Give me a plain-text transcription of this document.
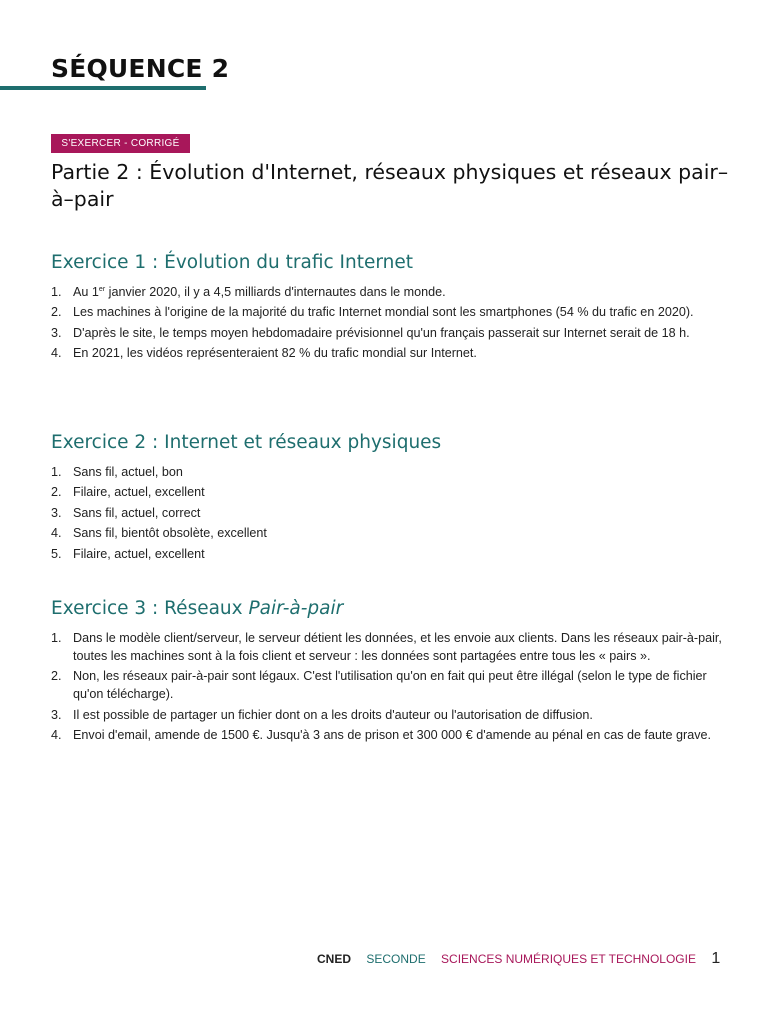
SÉQUENCE 2
S'EXERCER - CORRIGÉ
Partie 2 : Évolution d'Internet, réseaux physiques et réseaux pair–à–pair
Exercice 1 : Évolution du trafic Internet
1. Au 1er janvier 2020, il y a 4,5 milliards d'internautes dans le monde.
2. Les machines à l'origine de la majorité du trafic Internet mondial sont les smartphones (54 % du trafic en 2020).
3. D'après le site, le temps moyen hebdomadaire prévisionnel qu'un français passerait sur Internet serait de 18 h.
4. En 2021, les vidéos représenteraient 82 % du trafic mondial sur Internet.
Exercice 2 : Internet et réseaux physiques
1. Sans fil, actuel, bon
2. Filaire, actuel, excellent
3. Sans fil, actuel, correct
4. Sans fil, bientôt obsolète, excellent
5. Filaire, actuel, excellent
Exercice 3 : Réseaux Pair-à-pair
1. Dans le modèle client/serveur, le serveur détient les données, et les envoie aux clients. Dans les réseaux pair-à-pair, toutes les machines sont à la fois client et serveur : les données sont partagées entre tous les « pairs ».
2. Non, les réseaux pair-à-pair sont légaux. C'est l'utilisation qu'on en fait qui peut être illégal (selon le type de fichier qu'on télécharge).
3. Il est possible de partager un fichier dont on a les droits d'auteur ou l'autorisation de diffusion.
4. Envoi d'email, amende de 1500 €. Jusqu'à 3 ans de prison et 300 000 € d'amende au pénal en cas de faute grave.
CNED SECONDE SCIENCES NUMÉRIQUES ET TECHNOLOGIE 1
